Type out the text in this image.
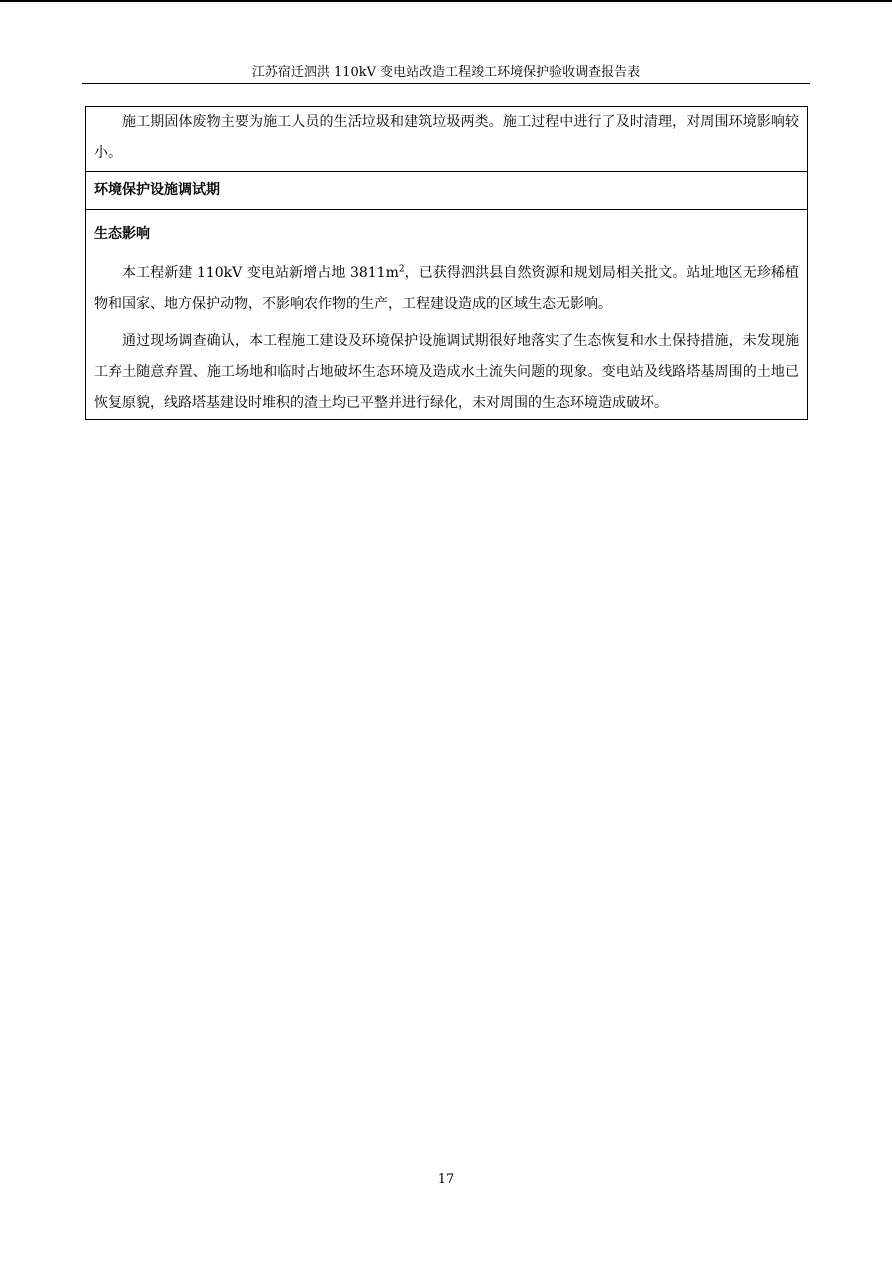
江苏宿迁泗洪 110kV 变电站改造工程竣工环境保护验收调查报告表

施工期固体废物主要为施工人员的生活垃圾和建筑垃圾两类。施工过程中进行了及时清理，对周围环境影响较小。

环境保护设施调试期

生态影响

本工程新建 110kV 变电站新增占地 $3811m^2$，已获得泗洪县自然资源和规划局相关批文。站址地区无珍稀植物和国家、地方保护动物，不影响农作物的生产，工程建设造成的区域生态无影响。

通过现场调查确认，本工程施工建设及环境保护设施调试期很好地落实了生态恢复和水土保持措施，未发现施工弃土随意弃置、施工场地和临时占地破坏生态环境及造成水土流失问题的现象。变电站及线路塔基周围的土地已恢复原貌，线路塔基建设时堆积的渣土均已平整并进行绿化，未对周围的生态环境造成破坏。

17
